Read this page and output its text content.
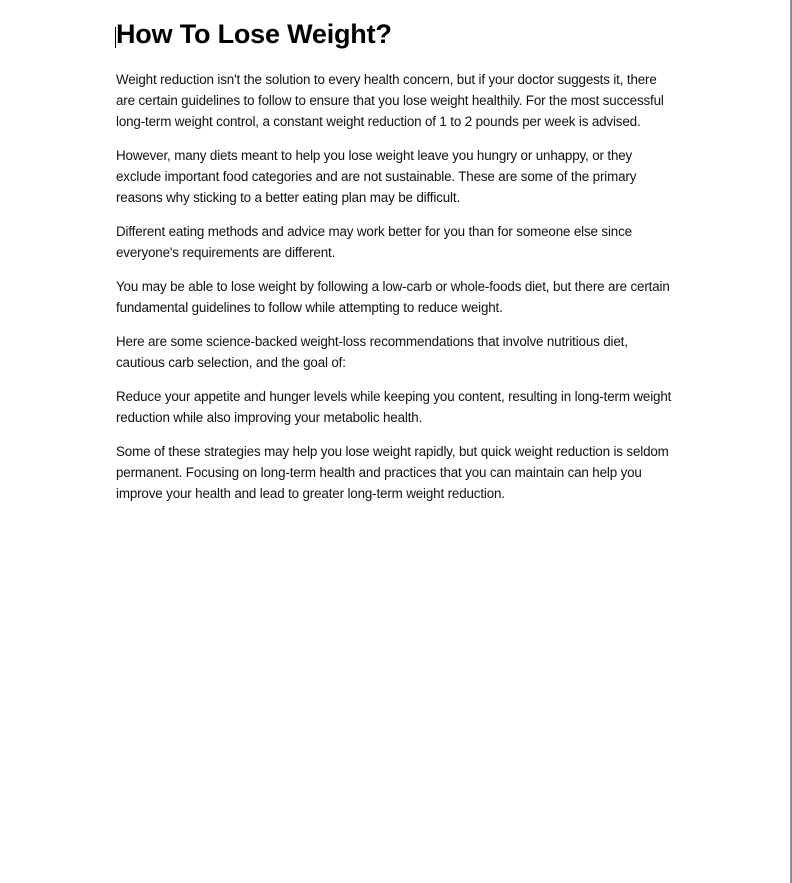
How To Lose Weight?

Weight reduction isn't the solution to every health concern, but if your doctor suggests it, there are certain guidelines to follow to ensure that you lose weight healthily. For the most successful long-term weight control, a constant weight reduction of 1 to 2 pounds per week is advised.

However, many diets meant to help you lose weight leave you hungry or unhappy, or they exclude important food categories and are not sustainable. These are some of the primary reasons why sticking to a better eating plan may be difficult.

Different eating methods and advice may work better for you than for someone else since everyone's requirements are different.

You may be able to lose weight by following a low-carb or whole-foods diet, but there are certain fundamental guidelines to follow while attempting to reduce weight.

Here are some science-backed weight-loss recommendations that involve nutritious diet, cautious carb selection, and the goal of:

Reduce your appetite and hunger levels while keeping you content, resulting in long-term weight reduction while also improving your metabolic health.

Some of these strategies may help you lose weight rapidly, but quick weight reduction is seldom permanent. Focusing on long-term health and practices that you can maintain can help you improve your health and lead to greater long-term weight reduction.
